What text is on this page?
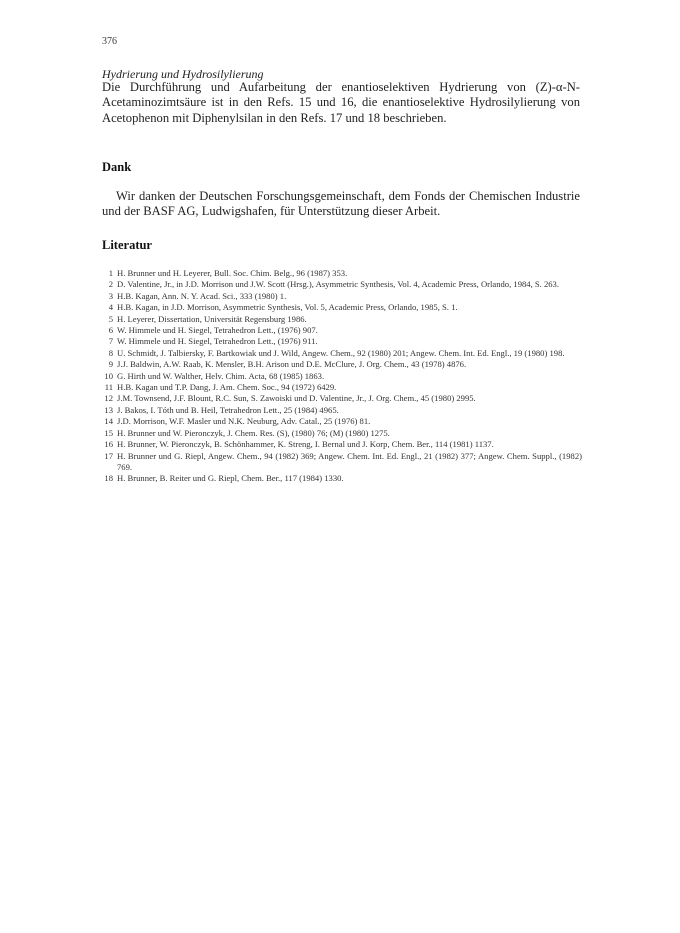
376
Hydrierung und Hydrosilylierung

Die Durchführung und Aufarbeitung der enantioselektiven Hydrierung von (Z)-α-N-Acetaminozimtsäure ist in den Refs. 15 und 16, die enantioselektive Hydrosilylierung von Acetophenon mit Diphenylsilan in den Refs. 17 und 18 beschrieben.

Dank

Wir danken der Deutschen Forschungsgemeinschaft, dem Fonds der Chemischen Industrie und der BASF AG, Ludwigshafen, für Unterstützung dieser Arbeit.

Literatur
1 H. Brunner und H. Leyerer, Bull. Soc. Chim. Belg., 96 (1987) 353.
2 D. Valentine, Jr., in J.D. Morrison und J.W. Scott (Hrsg.), Asymmetric Synthesis, Vol. 4, Academic Press, Orlando, 1984, S. 263.
3 H.B. Kagan, Ann. N. Y. Acad. Sci., 333 (1980) 1.
4 H.B. Kagan, in J.D. Morrison, Asymmetric Synthesis, Vol. 5, Academic Press, Orlando, 1985, S. 1.
5 H. Leyerer, Dissertation, Universität Regensburg 1986.
6 W. Himmele und H. Siegel, Tetrahedron Lett., (1976) 907.
7 W. Himmele und H. Siegel, Tetrahedron Lett., (1976) 911.
8 U. Schmidt, J. Talbiersky, F. Bartkowiak und J. Wild, Angew. Chem., 92 (1980) 201; Angew. Chem. Int. Ed. Engl., 19 (1980) 198.
9 J.J. Baldwin, A.W. Raab, K. Mensler, B.H. Arison und D.E. McClure, J. Org. Chem., 43 (1978) 4876.
10 G. Hirth und W. Walther, Helv. Chim. Acta, 68 (1985) 1863.
11 H.B. Kagan und T.P. Dang, J. Am. Chem. Soc., 94 (1972) 6429.
12 J.M. Townsend, J.F. Blount, R.C. Sun, S. Zawoiski und D. Valentine, Jr., J. Org. Chem., 45 (1980) 2995.
13 J. Bakos, I. Tóth und B. Heil, Tetrahedron Lett., 25 (1984) 4965.
14 J.D. Morrison, W.F. Masler und N.K. Neuburg, Adv. Catal., 25 (1976) 81.
15 H. Brunner und W. Pieronczyk, J. Chem. Res. (S), (1980) 76; (M) (1980) 1275.
16 H. Brunner, W. Pieronczyk, B. Schönhammer, K. Streng, I. Bernal und J. Korp, Chem. Ber., 114 (1981) 1137.
17 H. Brunner und G. Riepl, Angew. Chem., 94 (1982) 369; Angew. Chem. Int. Ed. Engl., 21 (1982) 377; Angew. Chem. Suppl., (1982) 769.
18 H. Brunner, B. Reiter und G. Riepl, Chem. Ber., 117 (1984) 1330.
